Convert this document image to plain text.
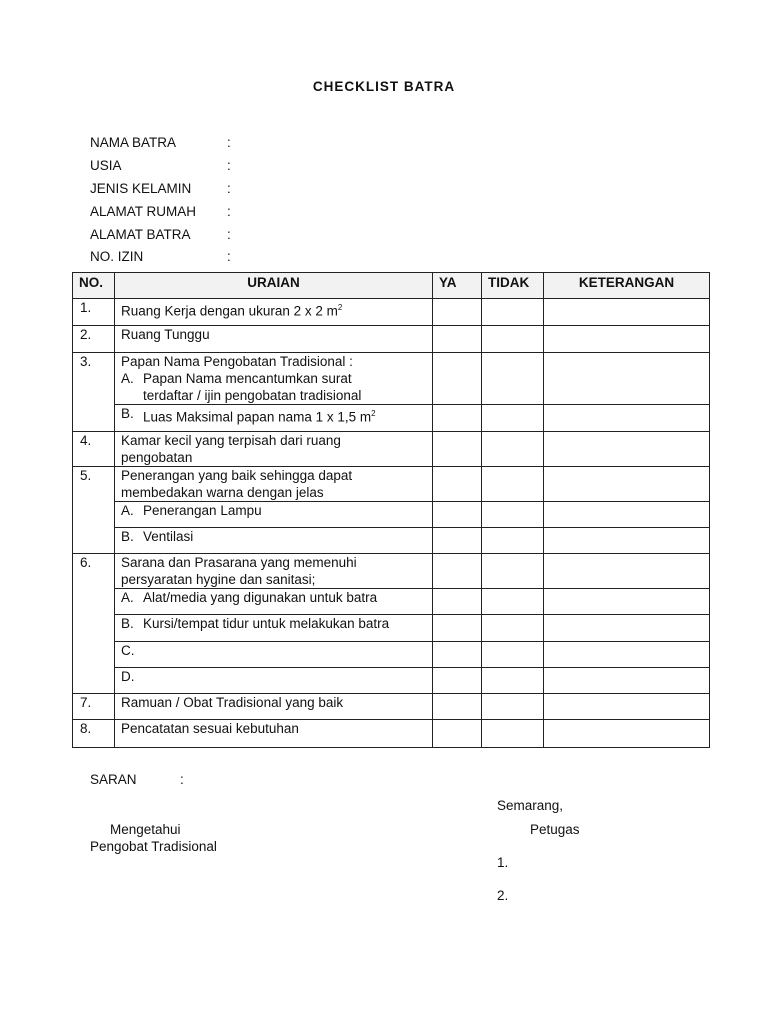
CHECKLIST BATRA
NAMA BATRA	:
USIA	:
JENIS KELAMIN	:
ALAMAT RUMAH :
ALAMAT BATRA	:
NO. IZIN	:
NO.	URAIAN	YA	TIDAK	KETERANGAN
1.	Ruang Kerja dengan ukuran 2 x 2 $m^2$			
2.	Ruang Tunggu			
3.	Papan Nama Pengobatan Tradisional :
A. Papan Nama mencantumkan surat
terdaftar / ijin pengobatan tradisional			

	B. Luas Maksimal papan nama 1 x 1,5 $m^2$

4.	Kamar kecil yang terpisah dari ruang
pengobatan			
5.	Penerangan yang baik sehingga dapat
membedakan warna dengan jelas			

	A. Penerangan Lampu			

	B. Ventilasi			

6.	Sarana dan Prasarana yang memenuhi
persyaratan hygine dan sanitasi;			

	A. Alat/media yang digunakan untuk batra			

	B. Kursi/tempat tidur untuk melakukan batra			

	C.			

	D.			

7.	Ramuan / Obat Tradisional yang baik			
8.	Pencatatan sesuai kebutuhan			
SARAN	:
Semarang,
Mengetahui
Pengobat Tradisional
Petugas
1.
2.
